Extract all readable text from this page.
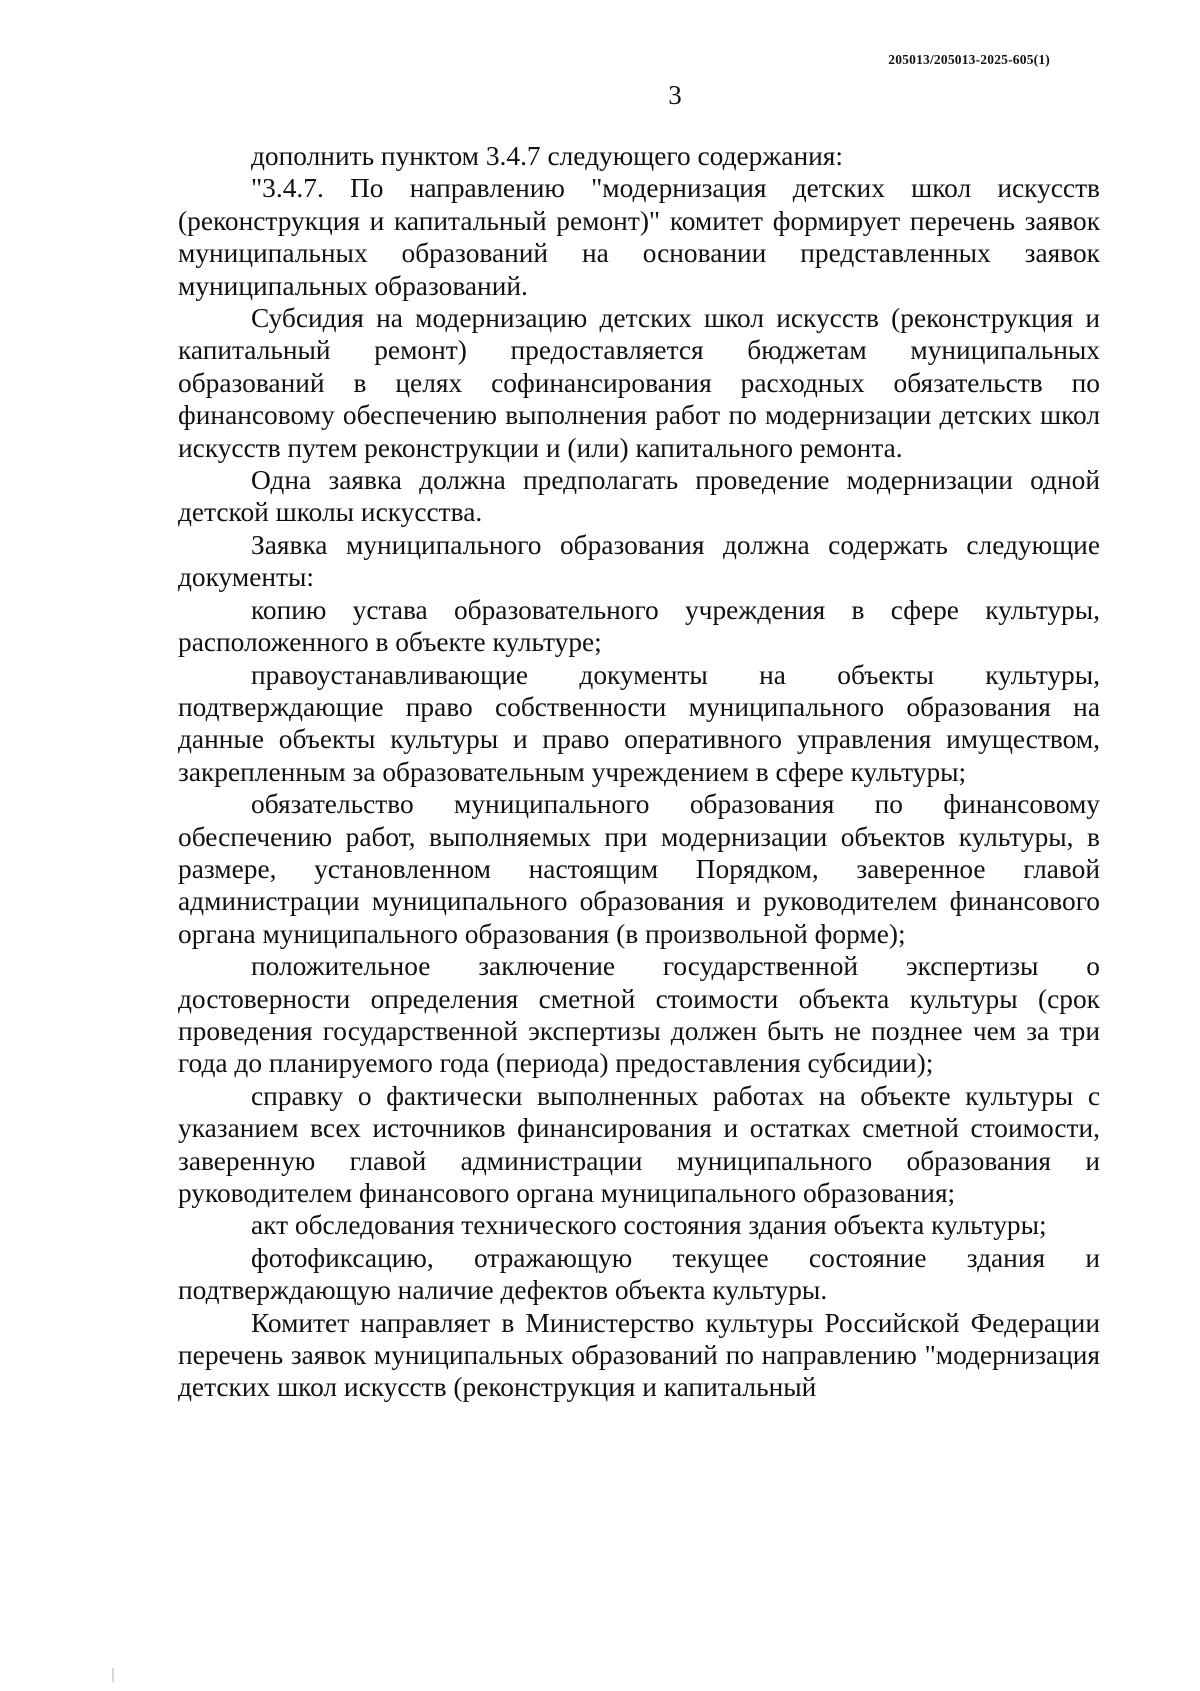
205013/205013-2025-605(1)
3

дополнить пунктом 3.4.7 следующего содержания:

"3.4.7. По направлению "модернизация детских школ искусств (реконструкция и капитальный ремонт)" комитет формирует перечень заявок муниципальных образований на основании представленных заявок муниципальных образований.

Субсидия на модернизацию детских школ искусств (реконструкция и капитальный ремонт) предоставляется бюджетам муниципальных образований в целях софинансирования расходных обязательств по финансовому обеспечению выполнения работ по модернизации детских школ искусств путем реконструкции и (или) капитального ремонта.

Одна заявка должна предполагать проведение модернизации одной детской школы искусства.

Заявка муниципального образования должна содержать следующие документы:

копию устава образовательного учреждения в сфере культуры, расположенного в объекте культуре;

правоустанавливающие документы на объекты культуры, подтверждающие право собственности муниципального образования на данные объекты культуры и право оперативного управления имуществом, закрепленным за образовательным учреждением в сфере культуры;

обязательство муниципального образования по финансовому обеспечению работ, выполняемых при модернизации объектов культуры, в размере, установленном настоящим Порядком, заверенное главой администрации муниципального образования и руководителем финансового органа муниципального образования (в произвольной форме);

положительное заключение государственной экспертизы о достоверности определения сметной стоимости объекта культуры (срок проведения государственной экспертизы должен быть не позднее чем за три года до планируемого года (периода) предоставления субсидии);

справку о фактически выполненных работах на объекте культуры с указанием всех источников финансирования и остатках сметной стоимости, заверенную главой администрации муниципального образования и руководителем финансового органа муниципального образования;

акт обследования технического состояния здания объекта культуры;

фотофиксацию, отражающую текущее состояние здания и подтверждающую наличие дефектов объекта культуры.

Комитет направляет в Министерство культуры Российской Федерации перечень заявок муниципальных образований по направлению "модернизация детских школ искусств (реконструкция и капитальный
